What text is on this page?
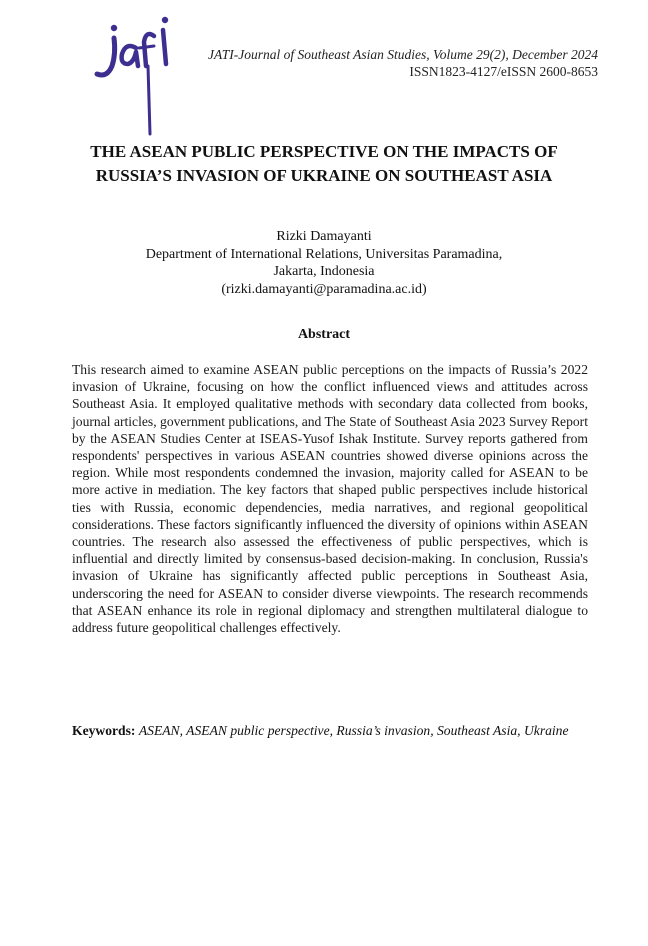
JATI-Journal of Southeast Asian Studies, Volume 29(2), December 2024
ISSN1823-4127/eISSN 2600-8653
THE ASEAN PUBLIC PERSPECTIVE ON THE IMPACTS OF
RUSSIA’S INVASION OF UKRAINE ON SOUTHEAST ASIA
Rizki Damayanti
Department of International Relations, Universitas Paramadina,
Jakarta, Indonesia
(rizki.damayanti@paramadina.ac.id)
Abstract

This research aimed to examine ASEAN public perceptions on the impacts of Russia’s 2022 invasion of Ukraine, focusing on how the conflict influenced views and attitudes across Southeast Asia. It employed qualitative methods with secondary data collected from books, journal articles, government publications, and The State of Southeast Asia 2023 Survey Report by the ASEAN Studies Center at ISEAS-Yusof Ishak Institute. Survey reports gathered from respondents' perspectives in various ASEAN countries showed diverse opinions across the region. While most respondents condemned the invasion, majority called for ASEAN to be more active in mediation. The key factors that shaped public perspectives include historical ties with Russia, economic dependencies, media narratives, and regional geopolitical considerations. These factors significantly influenced the diversity of opinions within ASEAN countries. The research also assessed the effectiveness of public perspectives, which is influential and directly limited by consensus-based decision-making. In conclusion, Russia's invasion of Ukraine has significantly affected public perceptions in Southeast Asia, underscoring the need for ASEAN to consider diverse viewpoints. The research recommends that ASEAN enhance its role in regional diplomacy and strengthen multilateral dialogue to address future geopolitical challenges effectively.

Keywords: ASEAN, ASEAN public perspective, Russia’s invasion, Southeast Asia, Ukraine
